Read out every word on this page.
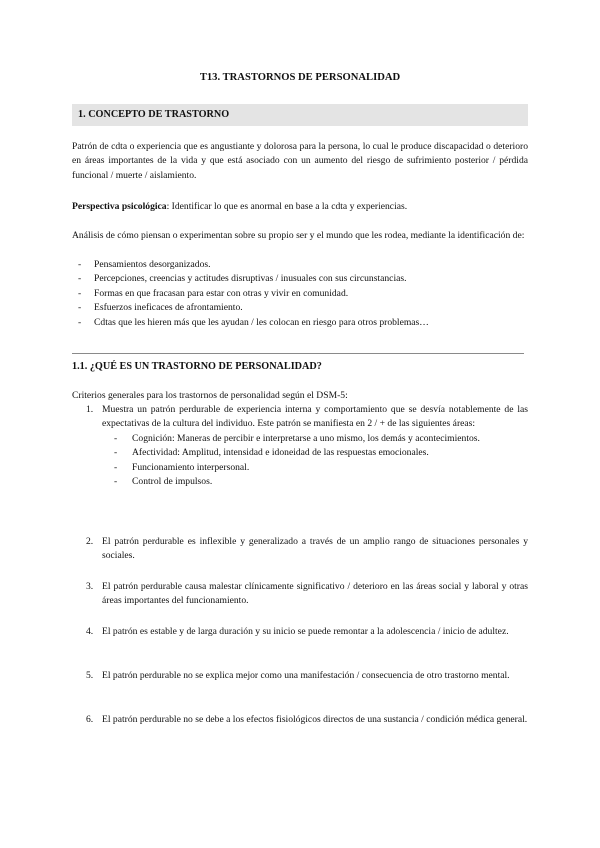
T13. TRASTORNOS DE PERSONALIDAD
1. CONCEPTO DE TRASTORNO
Patrón de cdta o experiencia que es angustiante y dolorosa para la persona, lo cual le produce discapacidad o deterioro en áreas importantes de la vida y que está asociado con un aumento del riesgo de sufrimiento posterior / pérdida funcional / muerte / aislamiento.
Perspectiva psicológica: Identificar lo que es anormal en base a la cdta y experiencias.
Análisis de cómo piensan o experimentan sobre su propio ser y el mundo que les rodea, mediante la identificación de:
- Pensamientos desorganizados.
- Percepciones, creencias y actitudes disruptivas / inusuales con sus circunstancias.
- Formas en que fracasan para estar con otras y vivir en comunidad.
- Esfuerzos ineficaces de afrontamiento.
- Cdtas que les hieren más que les ayudan / les colocan en riesgo para otros problemas…
1.1. ¿QUÉ ES UN TRASTORNO DE PERSONALIDAD?
Criterios generales para los trastornos de personalidad según el DSM-5:
1. Muestra un patrón perdurable de experiencia interna y comportamiento que se desvía notablemente de las expectativas de la cultura del individuo. Este patrón se manifiesta en 2 / + de las siguientes áreas:
- Cognición: Maneras de percibir e interpretarse a uno mismo, los demás y acontecimientos.
- Afectividad: Amplitud, intensidad e idoneidad de las respuestas emocionales.
- Funcionamiento interpersonal.
- Control de impulsos.
2. El patrón perdurable es inflexible y generalizado a través de un amplio rango de situaciones personales y sociales.
3. El patrón perdurable causa malestar clínicamente significativo / deterioro en las áreas social y laboral y otras áreas importantes del funcionamiento.
4. El patrón es estable y de larga duración y su inicio se puede remontar a la adolescencia / inicio de adultez.
5. El patrón perdurable no se explica mejor como una manifestación / consecuencia de otro trastorno mental.
6. El patrón perdurable no se debe a los efectos fisiológicos directos de una sustancia / condición médica general.
